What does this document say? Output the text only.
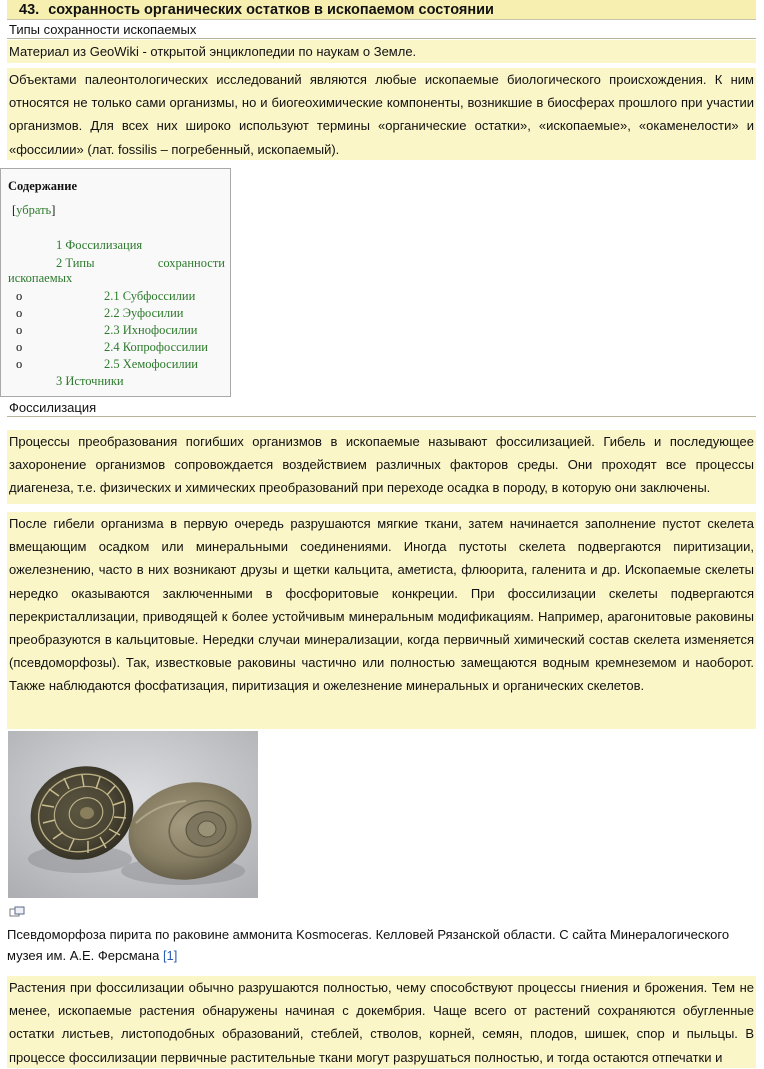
43. сохранность органических остатков в ископаемом состоянии
Типы сохранности ископаемых
Материал из GeoWiki - открытой энциклопедии по наукам о Земле.
Объектами палеонтологических исследований являются любые ископаемые биологического происхождения. К ним относятся не только сами организмы, но и биогеохимические компоненты, возникшие в биосферах прошлого при участии организмов. Для всех них широко используют термины «органические остатки», «ископаемые», «окаменелости» и «фоссилии» (лат. fossilis – погребенный, ископаемый).
Содержание
[убрать]
1 Фоссилизация
2 Типы	сохранности
ископаемых
o	2.1 Субфоссилии
o	2.2 Эуфосилии
o	2.3 Ихнофосилии
o	2.4 Копрофоссилии
o	2.5 Хемофосилии
3 Источники
Фоссилизация
Процессы преобразования погибших организмов в ископаемые называют фоссилизацией. Гибель и последующее захоронение организмов сопровождается воздействием различных факторов среды. Они проходят все процессы диагенеза, т.е. физических и химических преобразований при переходе осадка в породу, в которую они заключены.
После гибели организма в первую очередь разрушаются мягкие ткани, затем начинается заполнение пустот скелета вмещающим осадком или минеральными соединениями. Иногда пустоты скелета подвергаются пиритизации, ожелезнению, часто в них возникают друзы и щетки кальцита, аметиста, флюорита, галенита и др. Ископаемые скелеты нередко оказываются заключенными в фосфоритовые конкреции. При фоссилизации скелеты подвергаются перекристаллизации, приводящей к более устойчивым минеральным модификациям. Например, арагонитовые раковины преобразуются в кальцитовые. Нередки случаи минерализации, когда первичный химический состав скелета изменяется (псевдоморфозы). Так, известковые раковины частично или полностью замещаются водным кремнеземом и наоборот. Также наблюдаются фосфатизация, пиритизация и ожелезнение минеральных и органических скелетов.
Псевдоморфоза пирита по раковине аммонита Kosmoceras. Келловей Рязанской области. С сайта Минералогического музея им. А.Е. Ферсмана [1]
Растения при фоссилизации обычно разрушаются полностью, чему способствуют процессы гниения и брожения. Тем не менее, ископаемые растения обнаружены начиная с докембрия. Чаще всего от растений сохраняются обугленные остатки листьев, листоподобных образований, стеблей, стволов, корней, семян, плодов, шишек, спор и пыльцы. В процессе фоссилизации первичные растительные ткани могут разрушаться полностью, и тогда остаются отпечатки и
